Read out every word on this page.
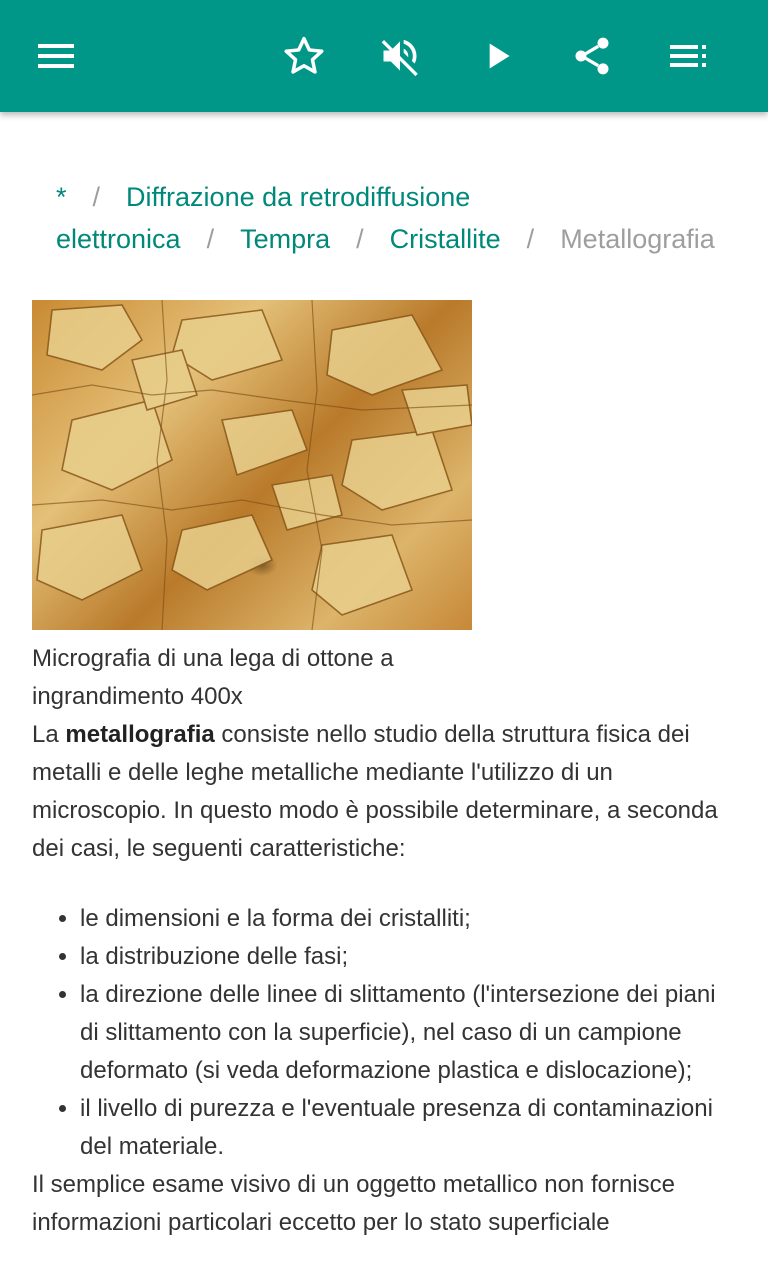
* / Diffrazione da retrodiffusione elettronica / Tempra / Cristallite / Metallografia

Micrografia di una lega di ottone a ingrandimento 400x

La metallografia consiste nello studio della struttura fisica dei metalli e delle leghe metalliche mediante l'utilizzo di un microscopio. In questo modo è possibile determinare, a seconda dei casi, le seguenti caratteristiche:

• le dimensioni e la forma dei cristalliti;
• la distribuzione delle fasi;
• la direzione delle linee di slittamento (l'intersezione dei piani di slittamento con la superficie), nel caso di un campione deformato (si veda deformazione plastica e dislocazione);
• il livello di purezza e l'eventuale presenza di contaminazioni del materiale.

Il semplice esame visivo di un oggetto metallico non fornisce informazioni particolari eccetto per lo stato superficiale
